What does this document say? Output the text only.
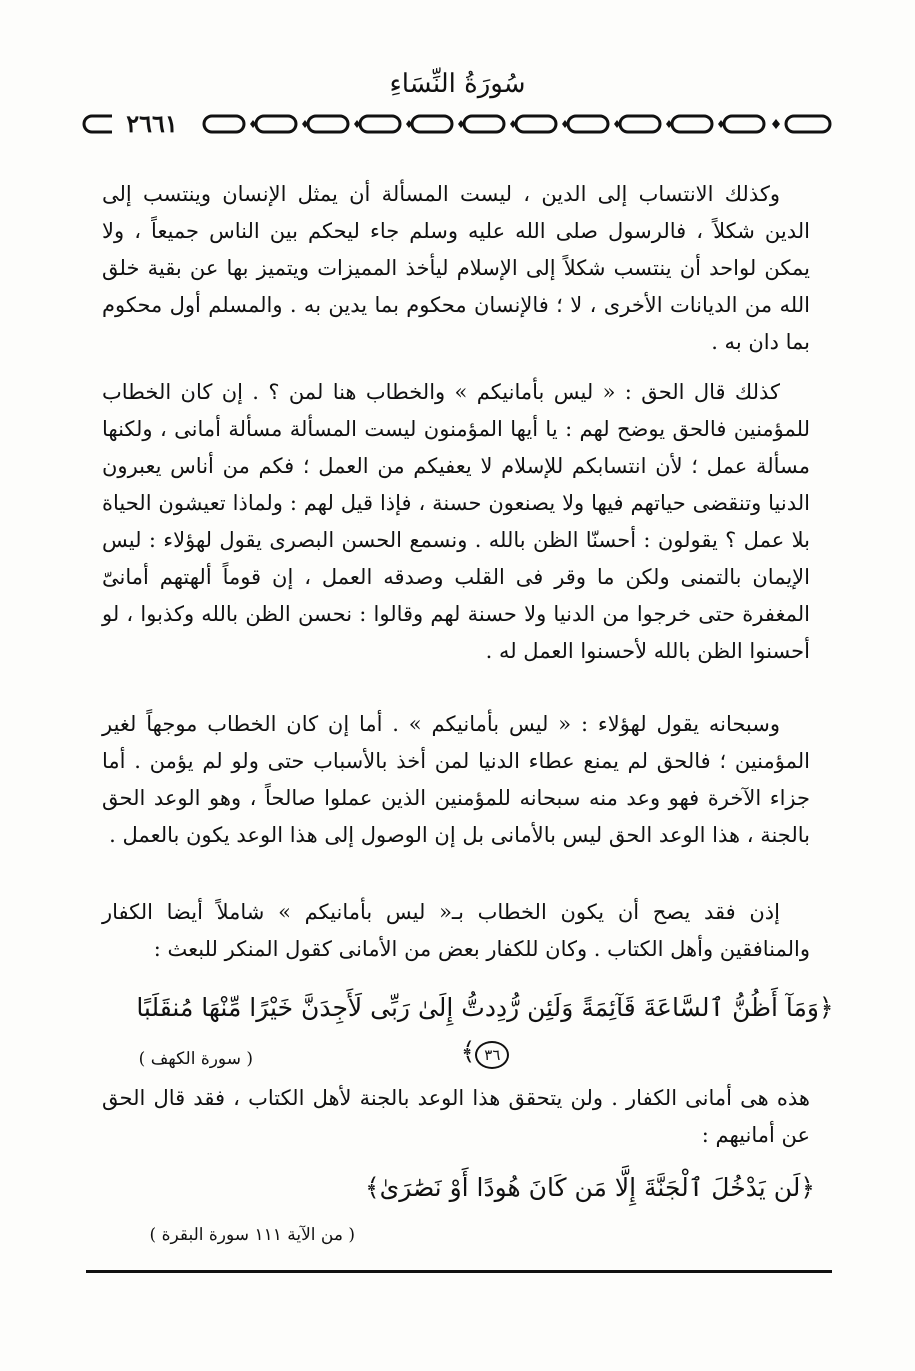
سُورَةُ النِّسَاءِ
٢٦٦١

وكذلك الانتساب إلى الدين ، ليست المسألة أن يمثل الإنسان وينتسب إلى الدين شكلاً ، فالرسول صلى الله عليه وسلم جاء ليحكم بين الناس جميعاً ، ولا يمكن لواحد أن ينتسب شكلاً إلى الإسلام ليأخذ المميزات ويتميز بها عن بقية خلق الله من الديانات الأخرى ، لا ؛ فالإنسان محكوم بما يدين به . والمسلم أول محكوم بما دان به .

كذلك قال الحق : « ليس بأمانيكم » والخطاب هنا لمن ؟ . إن كان الخطاب للمؤمنين فالحق يوضح لهم : يا أيها المؤمنون ليست المسألة مسألة أمانى ، ولكنها مسألة عمل ؛ لأن انتسابكم للإسلام لا يعفيكم من العمل ؛ فكم من أناس يعبرون الدنيا وتنقضى حياتهم فيها ولا يصنعون حسنة ، فإذا قيل لهم : ولماذا تعيشون الحياة بلا عمل ؟ يقولون : أحسنّا الظن بالله . ونسمع الحسن البصرى يقول لهؤلاء : ليس الإيمان بالتمنى ولكن ما وقر فى القلب وصدقه العمل ، إن قوماً ألهتهم أمانىّ المغفرة حتى خرجوا من الدنيا ولا حسنة لهم وقالوا : نحسن الظن بالله وكذبوا ، لو أحسنوا الظن بالله لأحسنوا العمل له .

وسبحانه يقول لهؤلاء : « ليس بأمانيكم » . أما إن كان الخطاب موجهاً لغير المؤمنين ؛ فالحق لم يمنع عطاء الدنيا لمن أخذ بالأسباب حتى ولو لم يؤمن . أما جزاء الآخرة فهو وعد منه سبحانه للمؤمنين الذين عملوا صالحاً ، وهو الوعد الحق بالجنة ، هذا الوعد الحق ليس بالأمانى بل إن الوصول إلى هذا الوعد يكون بالعمل .

إذن فقد يصح أن يكون الخطاب بـ« ليس بأمانيكم » شاملاً أيضا الكفار والمنافقين وأهل الكتاب . وكان للكفار بعض من الأمانى كقول المنكر للبعث :

﴿وَمَآ أَظُنُّ ٱلسَّاعَةَ قَآئِمَةً وَلَئِن رُّدِدتُّ إِلَىٰ رَبِّى لَأَجِدَنَّ خَيْرًا مِّنْهَا مُنقَلَبًا ٣٦﴾
( سورة الكهف )

هذه هى أمانى الكفار . ولن يتحقق هذا الوعد بالجنة لأهل الكتاب ، فقد قال الحق عن أمانيهم :

﴿لَن يَدْخُلَ ٱلْجَنَّةَ إِلَّا مَن كَانَ هُودًا أَوْ نَصَٰرَىٰ﴾
( من الآية ١١١ سورة البقرة )
